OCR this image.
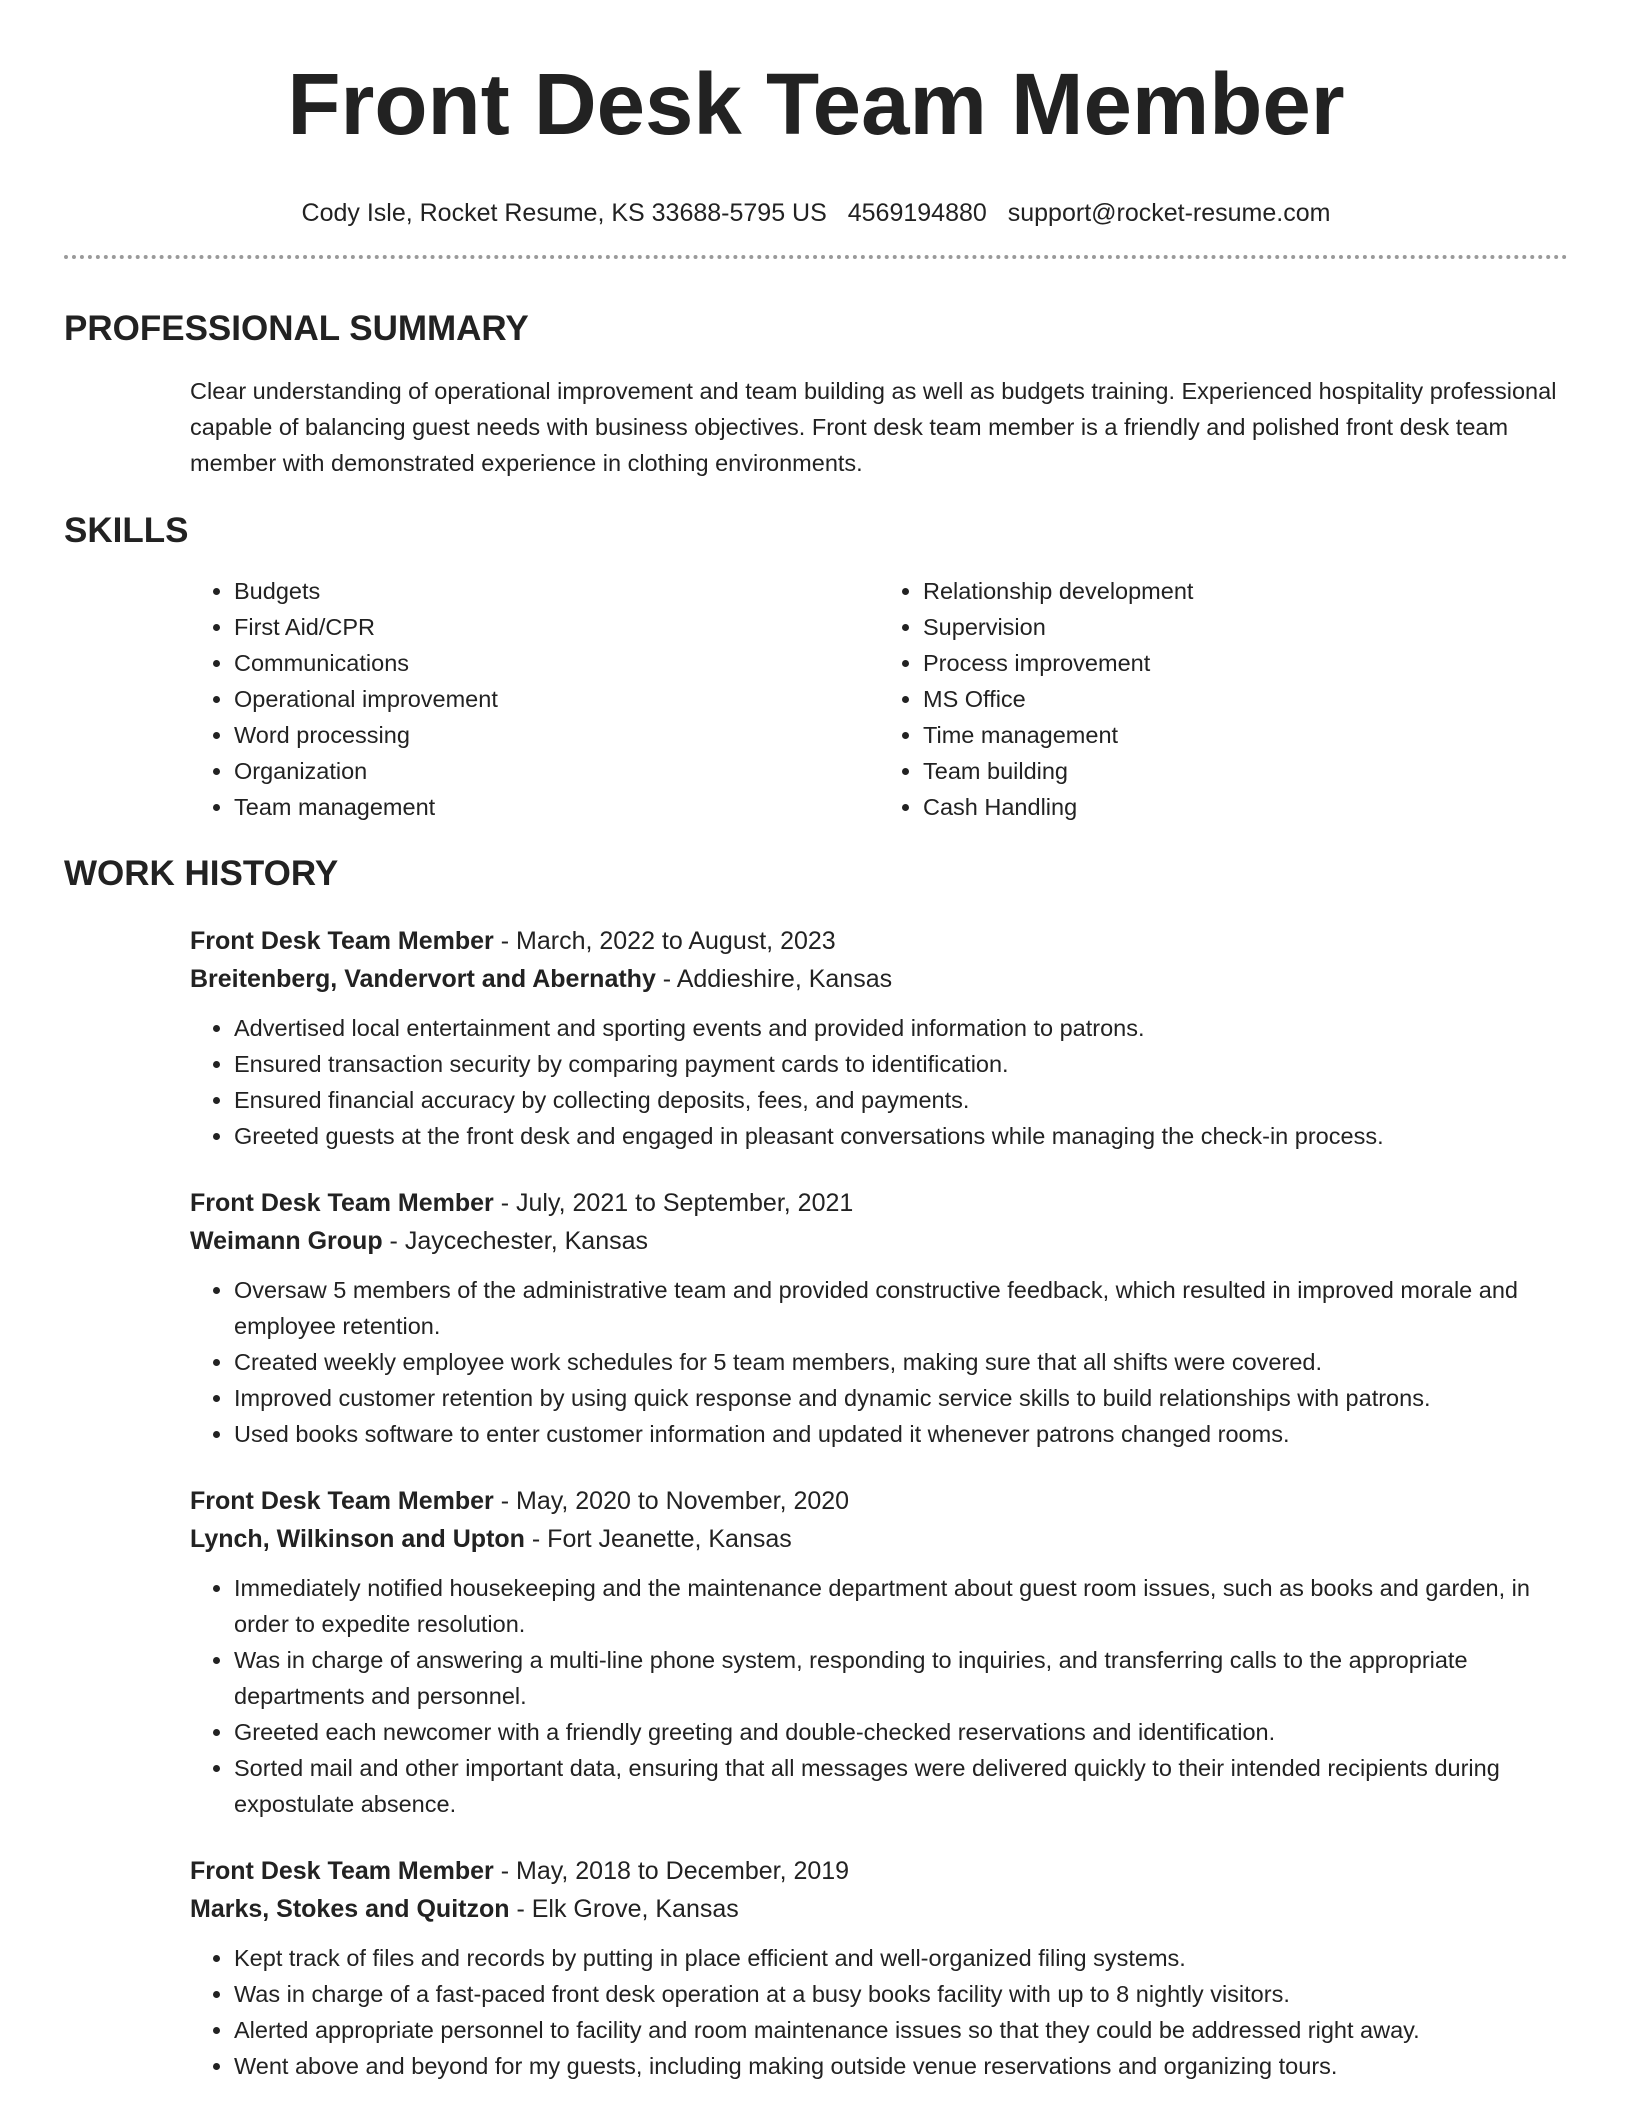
Front Desk Team Member
Cody Isle, Rocket Resume, KS 33688-5795 US 4569194880 support@rocket-resume.com
PROFESSIONAL SUMMARY

Clear understanding of operational improvement and team building as well as budgets training. Experienced hospitality professional capable of balancing guest needs with business objectives. Front desk team member is a friendly and polished front desk team member with demonstrated experience in clothing environments.

SKILLS
• Budgets
• First Aid/CPR
• Communications
• Operational improvement
• Word processing
• Organization
• Team management
• Relationship development
• Supervision
• Process improvement
• MS Office
• Time management
• Team building
• Cash Handling
WORK HISTORY
Front Desk Team Member - March, 2022 to August, 2023
Breitenberg, Vandervort and Abernathy - Addieshire, Kansas
• Advertised local entertainment and sporting events and provided information to patrons.
• Ensured transaction security by comparing payment cards to identification.
• Ensured financial accuracy by collecting deposits, fees, and payments.
• Greeted guests at the front desk and engaged in pleasant conversations while managing the check-in process.
Front Desk Team Member - July, 2021 to September, 2021
Weimann Group - Jaycechester, Kansas
• Oversaw 5 members of the administrative team and provided constructive feedback, which resulted in improved morale and employee retention.
• Created weekly employee work schedules for 5 team members, making sure that all shifts were covered.
• Improved customer retention by using quick response and dynamic service skills to build relationships with patrons.
• Used books software to enter customer information and updated it whenever patrons changed rooms.
Front Desk Team Member - May, 2020 to November, 2020
Lynch, Wilkinson and Upton - Fort Jeanette, Kansas
• Immediately notified housekeeping and the maintenance department about guest room issues, such as books and garden, in order to expedite resolution.
• Was in charge of answering a multi-line phone system, responding to inquiries, and transferring calls to the appropriate departments and personnel.
• Greeted each newcomer with a friendly greeting and double-checked reservations and identification.
• Sorted mail and other important data, ensuring that all messages were delivered quickly to their intended recipients during expostulate absence.
Front Desk Team Member - May, 2018 to December, 2019
Marks, Stokes and Quitzon - Elk Grove, Kansas
• Kept track of files and records by putting in place efficient and well-organized filing systems.
• Was in charge of a fast-paced front desk operation at a busy books facility with up to 8 nightly visitors.
• Alerted appropriate personnel to facility and room maintenance issues so that they could be addressed right away.
• Went above and beyond for my guests, including making outside venue reservations and organizing tours.
